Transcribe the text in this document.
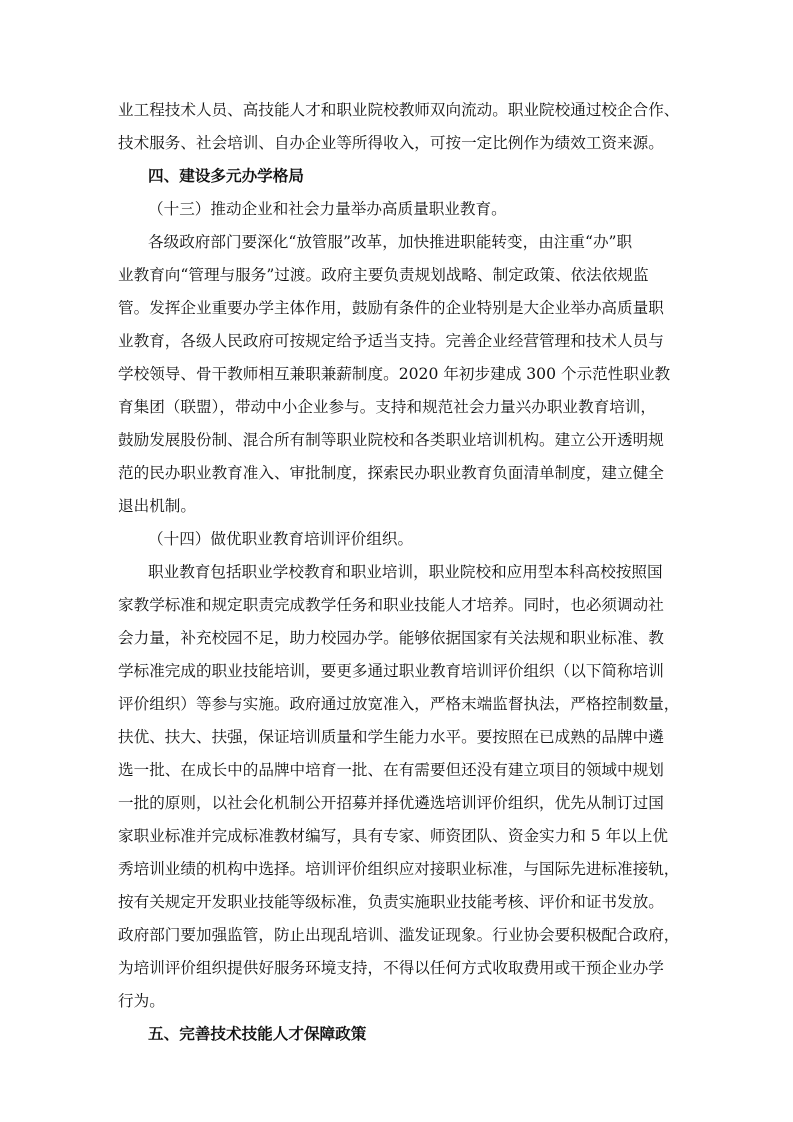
业工程技术人员、高技能人才和职业院校教师双向流动。职业院校通过校企合作、

技术服务、社会培训、自办企业等所得收入，可按一定比例作为绩效工资来源。

四、建设多元办学格局

（十三）推动企业和社会力量举办高质量职业教育。

各级政府部门要深化“放管服”改革，加快推进职能转变，由注重“办”职

业教育向“管理与服务”过渡。政府主要负责规划战略、制定政策、依法依规监

管。发挥企业重要办学主体作用，鼓励有条件的企业特别是大企业举办高质量职

业教育，各级人民政府可按规定给予适当支持。完善企业经营管理和技术人员与

学校领导、骨干教师相互兼职兼薪制度。2020 年初步建成 300 个示范性职业教

育集团（联盟），带动中小企业参与。支持和规范社会力量兴办职业教育培训，

鼓励发展股份制、混合所有制等职业院校和各类职业培训机构。建立公开透明规

范的民办职业教育准入、审批制度，探索民办职业教育负面清单制度，建立健全

退出机制。

（十四）做优职业教育培训评价组织。

职业教育包括职业学校教育和职业培训，职业院校和应用型本科高校按照国

家教学标准和规定职责完成教学任务和职业技能人才培养。同时，也必须调动社

会力量，补充校园不足，助力校园办学。能够依据国家有关法规和职业标准、教

学标准完成的职业技能培训，要更多通过职业教育培训评价组织（以下简称培训

评价组织）等参与实施。政府通过放宽准入，严格末端监督执法，严格控制数量，

扶优、扶大、扶强，保证培训质量和学生能力水平。要按照在已成熟的品牌中遴

选一批、在成长中的品牌中培育一批、在有需要但还没有建立项目的领域中规划

一批的原则，以社会化机制公开招募并择优遴选培训评价组织，优先从制订过国

家职业标准并完成标准教材编写，具有专家、师资团队、资金实力和 5 年以上优

秀培训业绩的机构中选择。培训评价组织应对接职业标准，与国际先进标准接轨，

按有关规定开发职业技能等级标准，负责实施职业技能考核、评价和证书发放。

政府部门要加强监管，防止出现乱培训、滥发证现象。行业协会要积极配合政府，

为培训评价组织提供好服务环境支持，不得以任何方式收取费用或干预企业办学

行为。

五、完善技术技能人才保障政策
